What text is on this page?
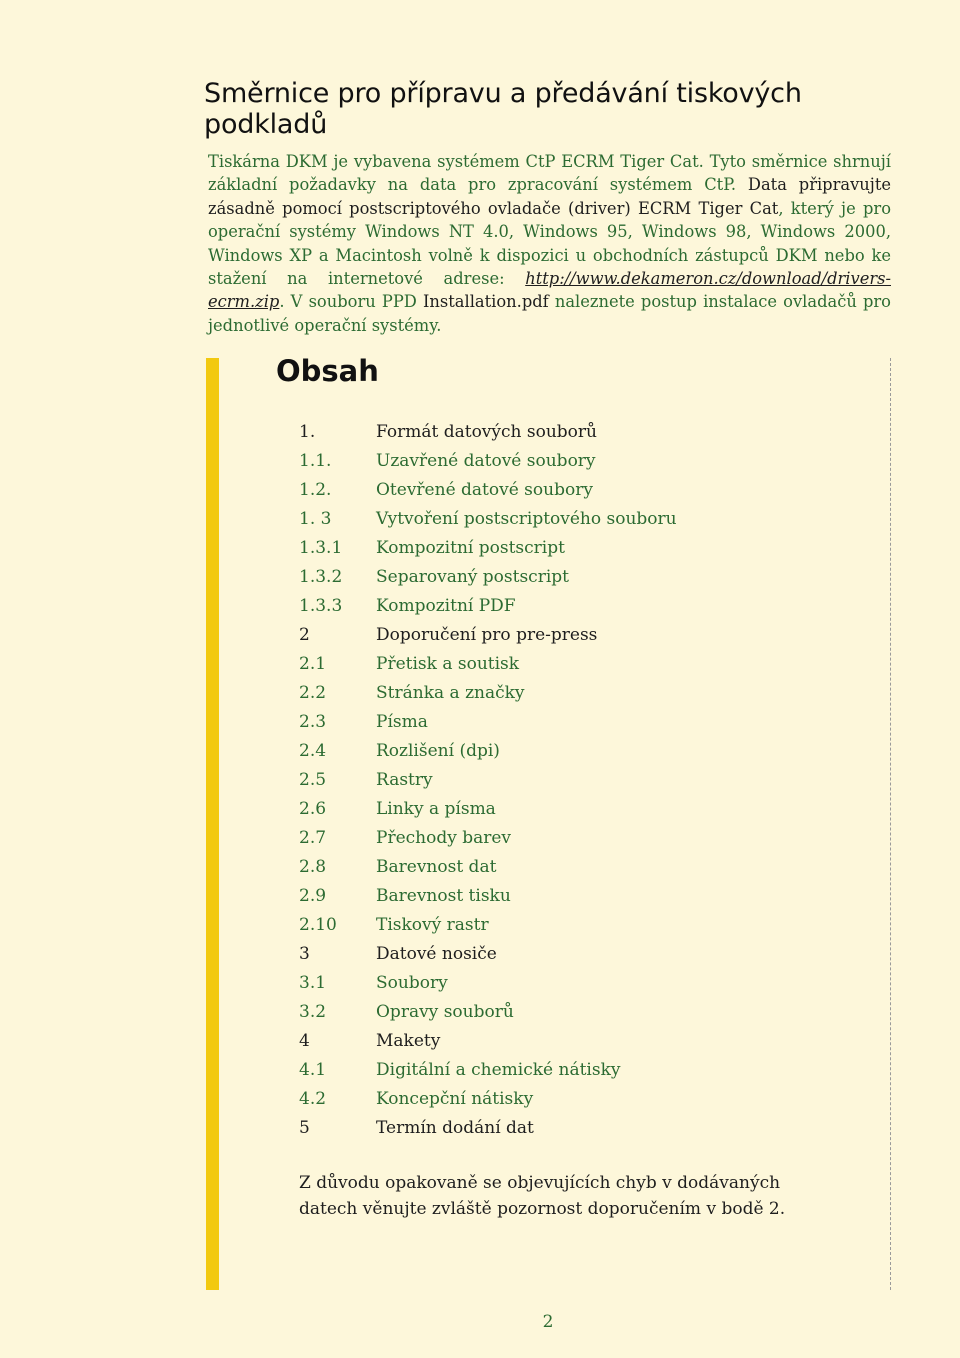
Směrnice pro přípravu a předávání tiskových podkladů

Tiskárna DKM je vybavena systémem CtP ECRM Tiger Cat. Tyto směrnice shrnují základní požadavky na data pro zpracování systémem CtP. Data připravujte zásadně pomocí postscriptového ovladače (driver) ECRM Tiger Cat, který je pro operační systémy Windows NT 4.0, Windows 95, Windows 98, Windows 2000, Windows XP a Macintosh volně k dispozici u obchodních zástupců DKM nebo ke stažení na internetové adrese: http://www.dekameron.cz/download/drivers-ecrm.zip. V souboru PPD Installation.pdf naleznete postup instalace ovladačů pro jednotlivé operační systémy.

Obsah
1.	Formát datových souborů
1.1.	Uzavřené datové soubory
1.2.	Otevřené datové soubory
1. 3	Vytvoření postscriptového souboru
1.3.1 Kompozitní postscript
1.3.2 Separovaný postscript
1.3.3 Kompozitní PDF
2	Doporučení pro pre-press
2.1	Přetisk a soutisk
2.2	Stránka a značky
2.3	Písma
2.4	Rozlišení (dpi)
2.5	Rastry
2.6	Linky a písma
2.7	Přechody barev
2.8	Barevnost dat
2.9	Barevnost tisku
2.10 Tiskový rastr
3	Datové nosiče
3.1	Soubory
3.2	Opravy souborů
4	Makety
4.1	Digitální a chemické nátisky
4.2	Koncepční nátisky
5	Termín dodání dat

Z důvodu opakovaně se objevujících chyb v dodávaných datech věnujte zvláště pozornost doporučením v bodě 2.

2
